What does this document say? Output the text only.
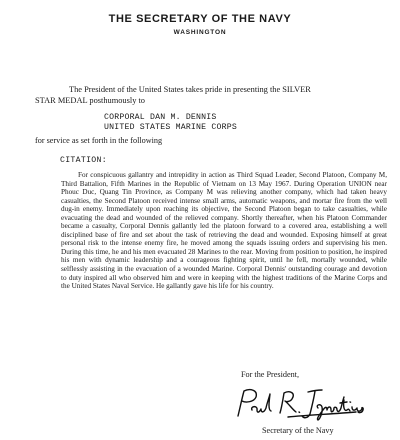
THE SECRETARY OF THE NAVY
WASHINGTON
The President of the United States takes pride in presenting the SILVER
STAR MEDAL posthumously to
CORPORAL DAN M. DENNIS
UNITED STATES MARINE CORPS
for service as set forth in the following
CITATION:

For conspicuous gallantry and intrepidity in action as Third Squad Leader, Second Platoon, Company M, Third Battalion, Fifth Marines in the Republic of Vietnam on 13 May 1967. During Operation UNION near Phouc Duc, Quang Tin Province, as Company M was relieving another company, which had taken heavy casualties, the Second Platoon received intense small arms, automatic weapons, and mortar fire from the well dug-in enemy. Immediately upon reaching its objective, the Second Platoon began to take casualties, while evacuating the dead and wounded of the relieved company. Shortly thereafter, when his Platoon Commander became a casualty, Corporal Dennis gallantly led the platoon forward to a covered area, establishing a well disciplined base of fire and set about the task of retrieving the dead and wounded. Exposing himself at great personal risk to the intense enemy fire, he moved among the squads issuing orders and supervising his men. During this time, he and his men evacuated 28 Marines to the rear. Moving from position to position, he inspired his men with dynamic leadership and a courageous fighting spirit, until he fell, mortally wounded, while selflessly assisting in the evacuation of a wounded Marine. Corporal Dennis' outstanding courage and devotion to duty inspired all who observed him and were in keeping with the highest traditions of the Marine Corps and the United States Naval Service. He gallantly gave his life for his country.

For the President,
Secretary of the Navy
